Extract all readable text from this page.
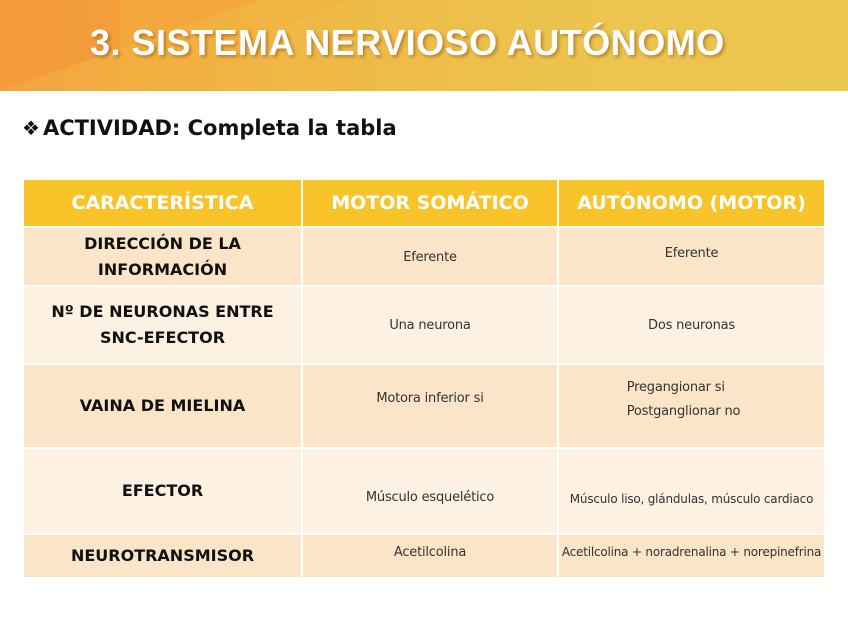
3. SISTEMA NERVIOSO AUTÓNOMO
❖ ACTIVIDAD: Completa la tabla
CARACTERÍSTICA	MOTOR SOMÁTICO	AUTÓNOMO (MOTOR)

DIRECCIÓN DE LA
INFORMACIÓN	Eferente	$^{Eferente}$

Nº DE NEURONAS ENTRE
SNC-EFECTOR	Una neurona	Dos neuronas

VAINA DE MIELINA	$^{Motora inferior si}$	Pregangionar si
Postganglionar no

EFECTOR	$_{Músculo esquelético}$	$_{Músculo liso, glándulas, músculo cardiaco}$

NEUROTRANSMISOR	$^{Acetilcolina}$	$^{Acetilcolina + noradrenalina + norepinefrina}$
